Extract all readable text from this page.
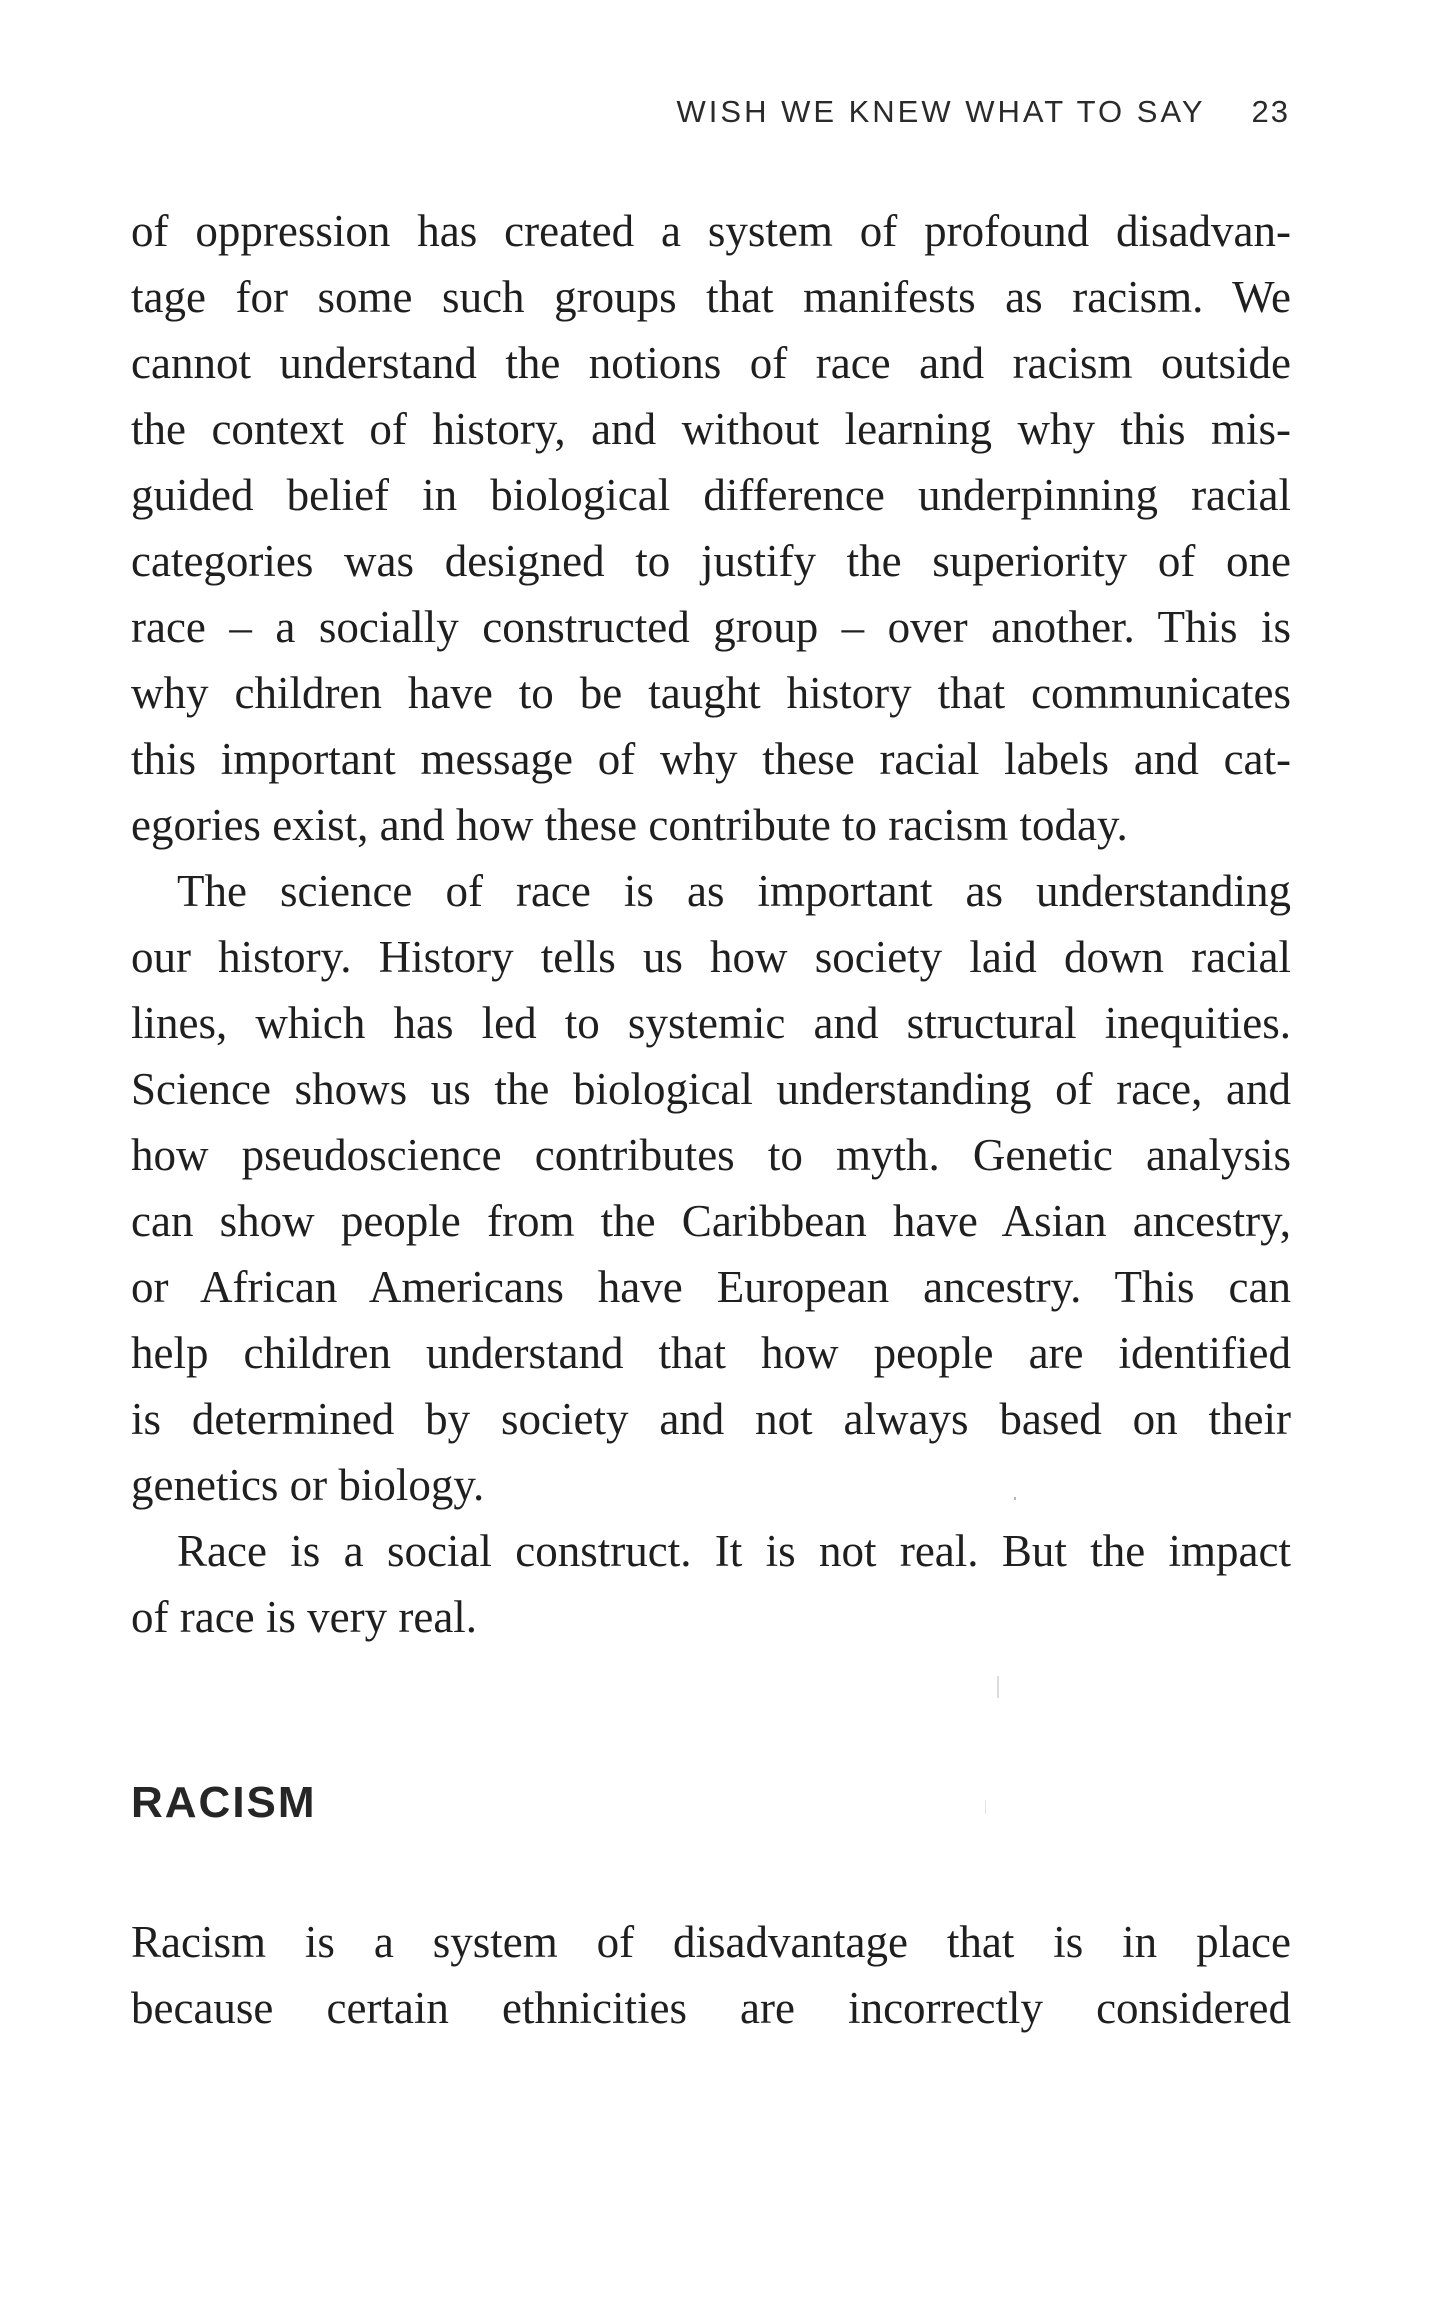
WISH WE KNEW WHAT TO SAY 23
of oppression has created a system of profound disadvan-
tage for some such groups that manifests as racism. We
cannot understand the notions of race and racism outside
the context of history, and without learning why this mis-
guided belief in biological difference underpinning racial
categories was designed to justify the superiority of one
race – a socially constructed group – over another. This is
why children have to be taught history that communicates
this important message of why these racial labels and cat-
egories exist, and how these contribute to racism today.
The science of race is as important as understanding
our history. History tells us how society laid down racial
lines, which has led to systemic and structural inequities.
Science shows us the biological understanding of race, and
how pseudoscience contributes to myth. Genetic analysis
can show people from the Caribbean have Asian ancestry,
or African Americans have European ancestry. This can
help children understand that how people are identified
is determined by society and not always based on their
genetics or biology.
Race is a social construct. It is not real. But the impact
of race is very real.
RACISM
Racism is a system of disadvantage that is in place
because certain ethnicities are incorrectly considered
